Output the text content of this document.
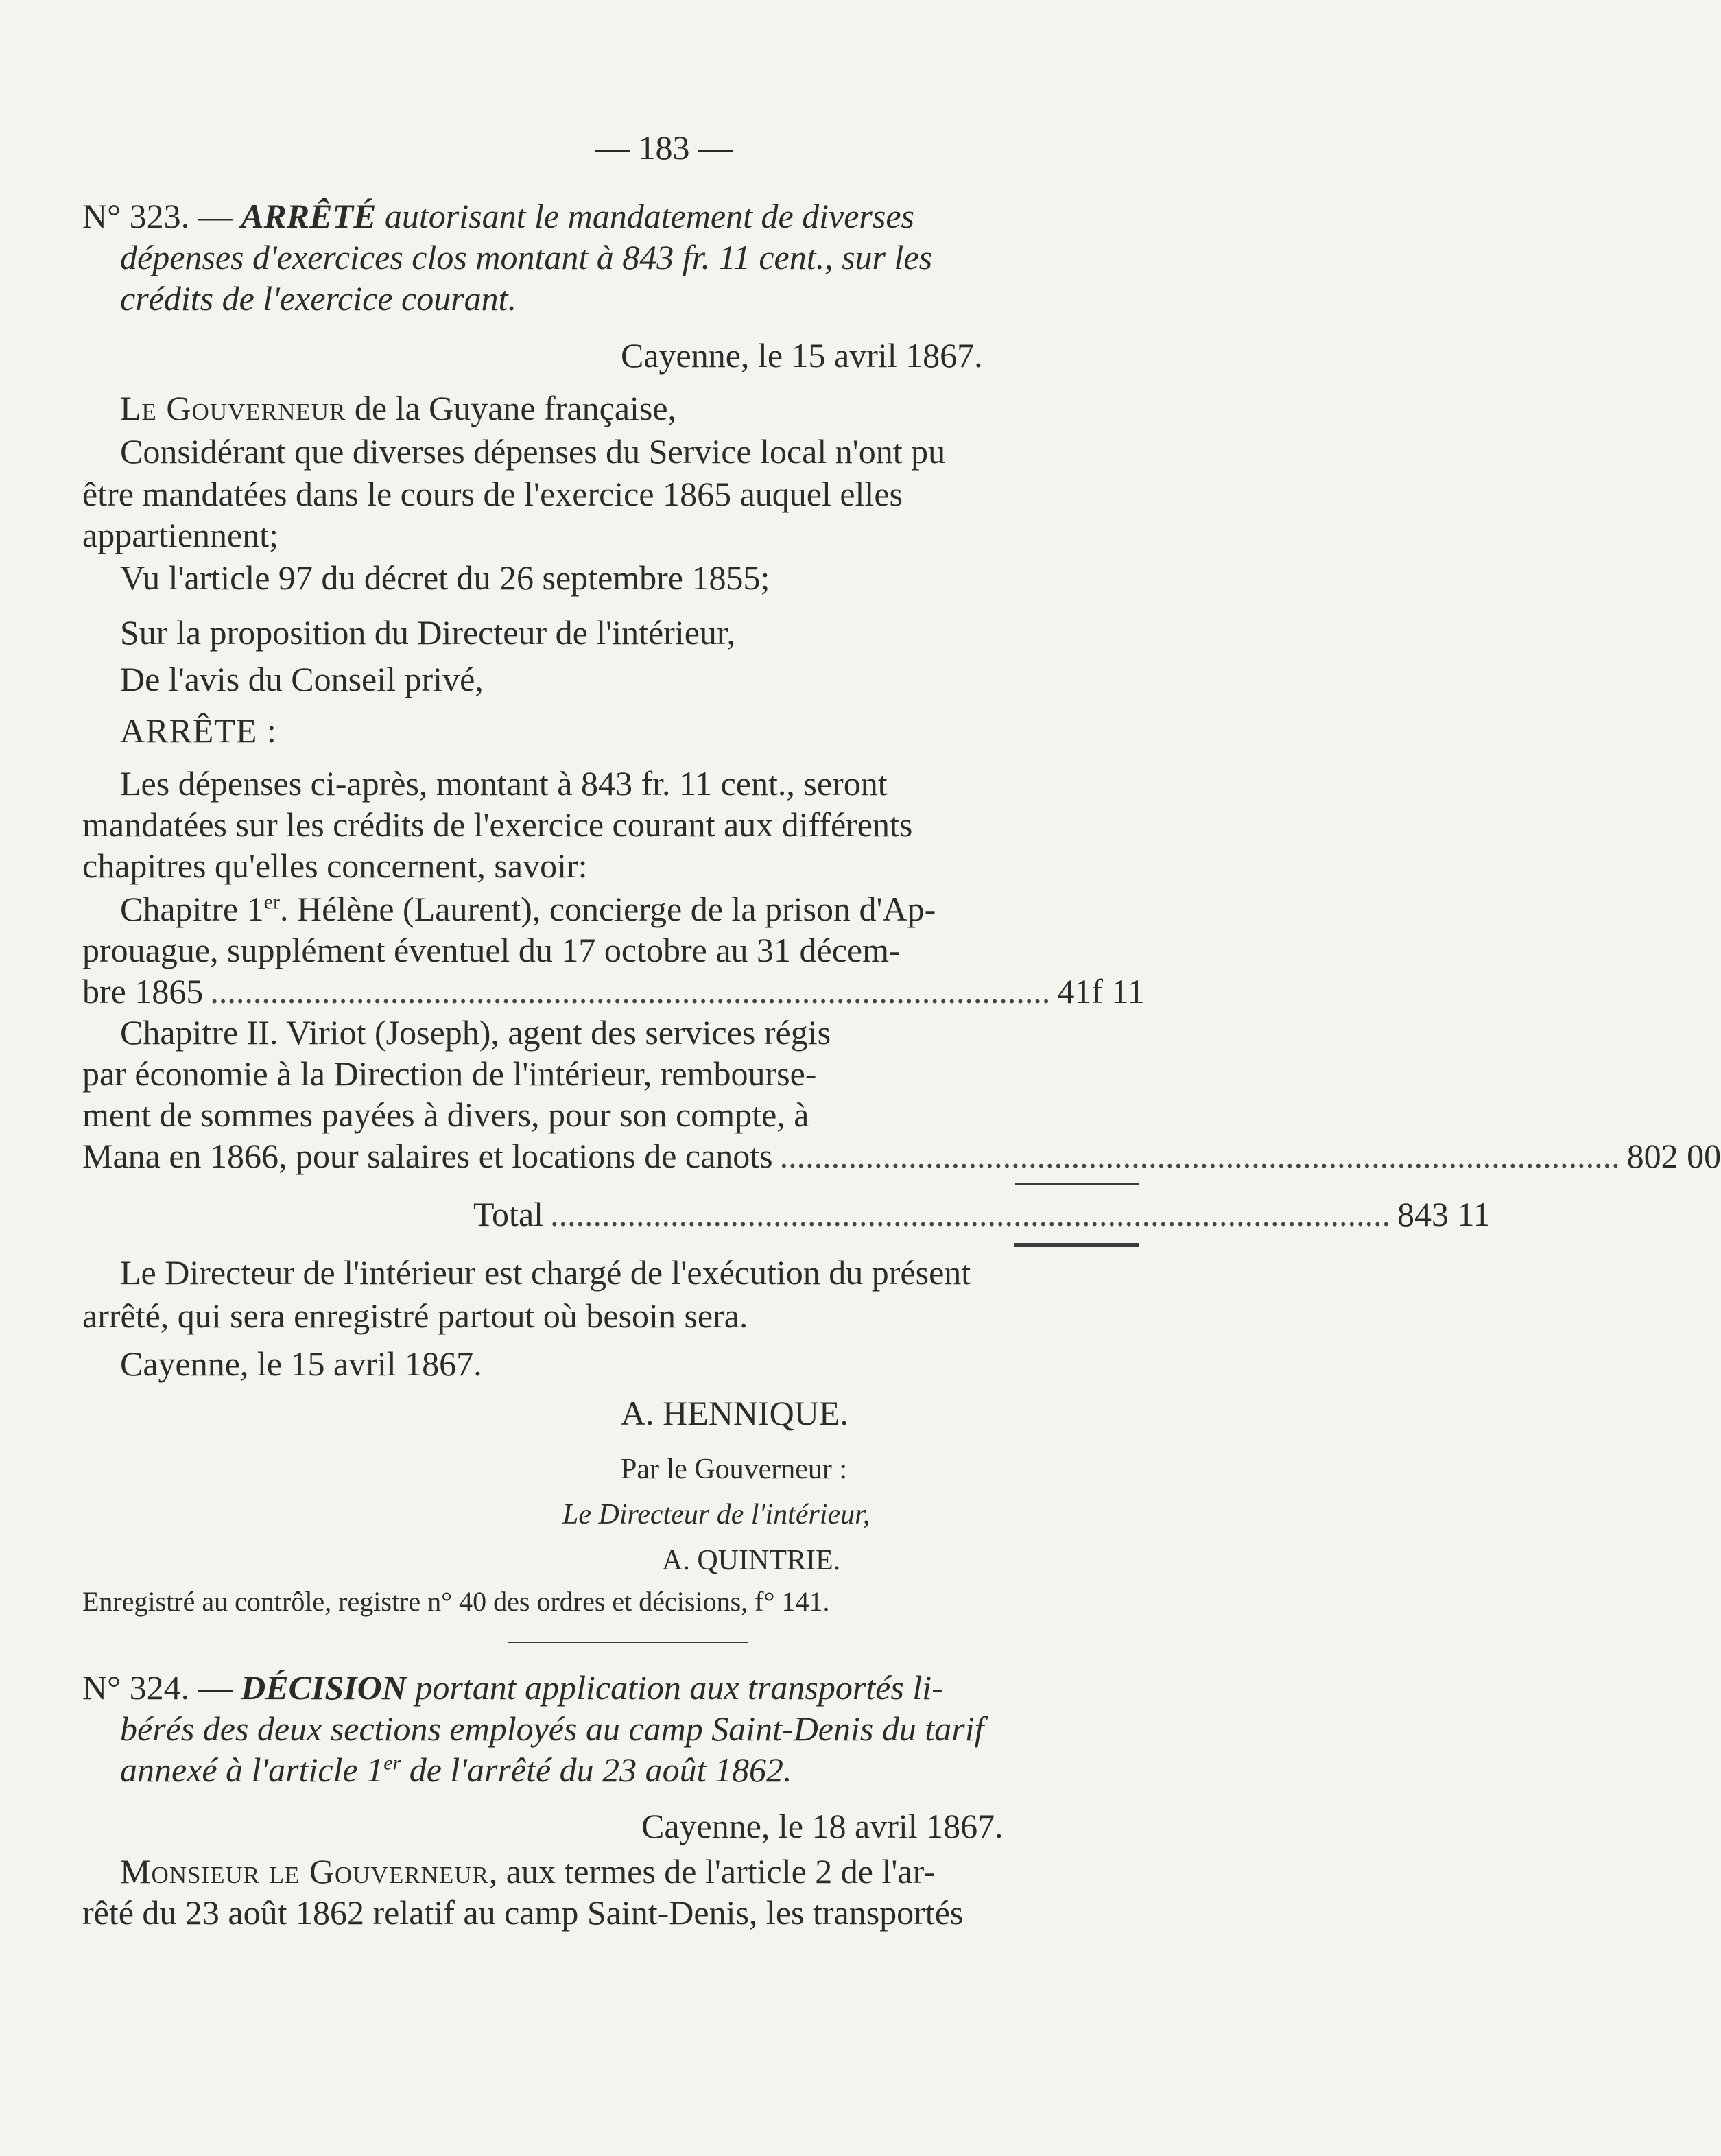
— 183 —
N° 323. — ARRÊTÉ autorisant le mandatement de diverses
dépenses d'exercices clos montant à 843 fr. 11 cent., sur les
crédits de l'exercice courant.
Cayenne, le 15 avril 1867.
Le Gouverneur de la Guyane française,
Considérant que diverses dépenses du Service local n'ont pu
être mandatées dans le cours de l'exercice 1865 auquel elles
appartiennent;
Vu l'article 97 du décret du 26 septembre 1855;
Sur la proposition du Directeur de l'intérieur,
De l'avis du Conseil privé,
ARRÊTE :
Les dépenses ci-après, montant à 843 fr. 11 cent., seront
mandatées sur les crédits de l'exercice courant aux différents
chapitres qu'elles concernent, savoir:
Chapitre 1er. Hélène (Laurent), concierge de la prison d'Ap-
prouague, supplément éventuel du 17 octobre au 31 décem-
bre 1865 .................................................................................................. 41f 11
Chapitre II. Viriot (Joseph), agent des services régis
par économie à la Direction de l'intérieur, rembourse-
ment de sommes payées à divers, pour son compte, à
Mana en 1866, pour salaires et locations de canots .................................................................................................. 802 00
Total .................................................................................................. 843 11
Le Directeur de l'intérieur est chargé de l'exécution du présent
arrêté, qui sera enregistré partout où besoin sera.
Cayenne, le 15 avril 1867.
A. HENNIQUE.
Par le Gouverneur :
Le Directeur de l'intérieur,
A. QUINTRIE.
Enregistré au contrôle, registre n° 40 des ordres et décisions, f° 141.
N° 324. — DÉCISION portant application aux transportés li-
bérés des deux sections employés au camp Saint-Denis du tarif
annexé à l'article 1er de l'arrêté du 23 août 1862.
Cayenne, le 18 avril 1867.
Monsieur le Gouverneur, aux termes de l'article 2 de l'ar-
rêté du 23 août 1862 relatif au camp Saint-Denis, les transportés
